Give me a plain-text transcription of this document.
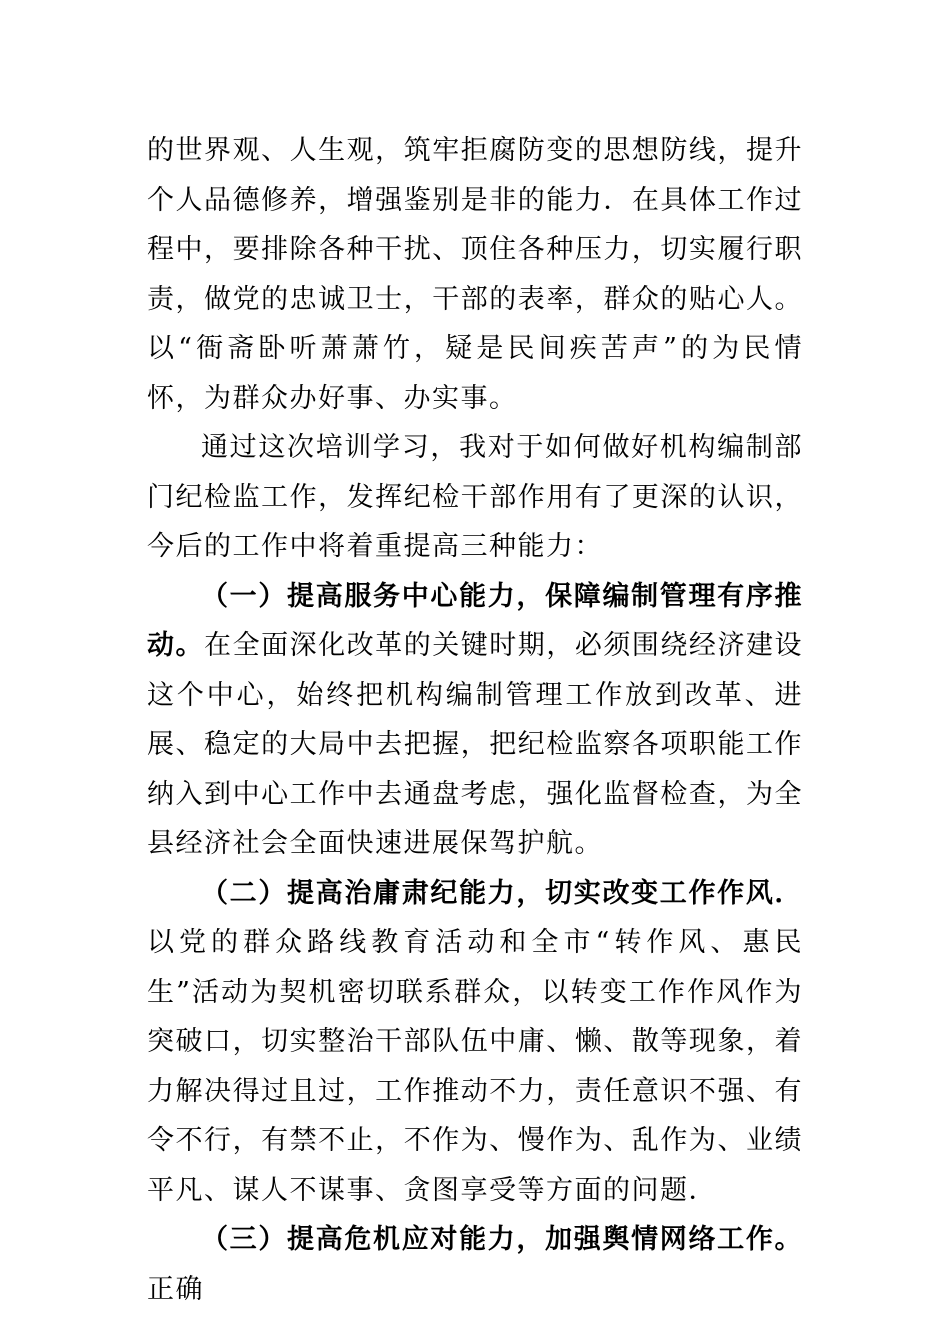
的世界观、人生观，筑牢拒腐防变的思想防线，提升个人品德修养，增强鉴别是非的能力．在具体工作过程中，要排除各种干扰、顶住各种压力，切实履行职责，做党的忠诚卫士，干部的表率，群众的贴心人。以“衙斋卧听萧萧竹，疑是民间疾苦声”的为民情怀，为群众办好事、办实事。

通过这次培训学习，我对于如何做好机构编制部门纪检监工作，发挥纪检干部作用有了更深的认识，今后的工作中将着重提高三种能力：

（一）提高服务中心能力，保障编制管理有序推动。在全面深化改革的关键时期，必须围绕经济建设这个中心，始终把机构编制管理工作放到改革、进展、稳定的大局中去把握，把纪检监察各项职能工作纳入到中心工作中去通盘考虑，强化监督检查，为全县经济社会全面快速进展保驾护航。

（二）提高治庸肃纪能力，切实改变工作作风．以党的群众路线教育活动和全市“转作风、惠民生”活动为契机密切联系群众，以转变工作作风作为突破口，切实整治干部队伍中庸、懒、散等现象，着力解决得过且过，工作推动不力，责任意识不强、有令不行，有禁不止，不作为、慢作为、乱作为、业绩平凡、谋人不谋事、贪图享受等方面的问题．

（三）提高危机应对能力，加强舆情网络工作。正确
